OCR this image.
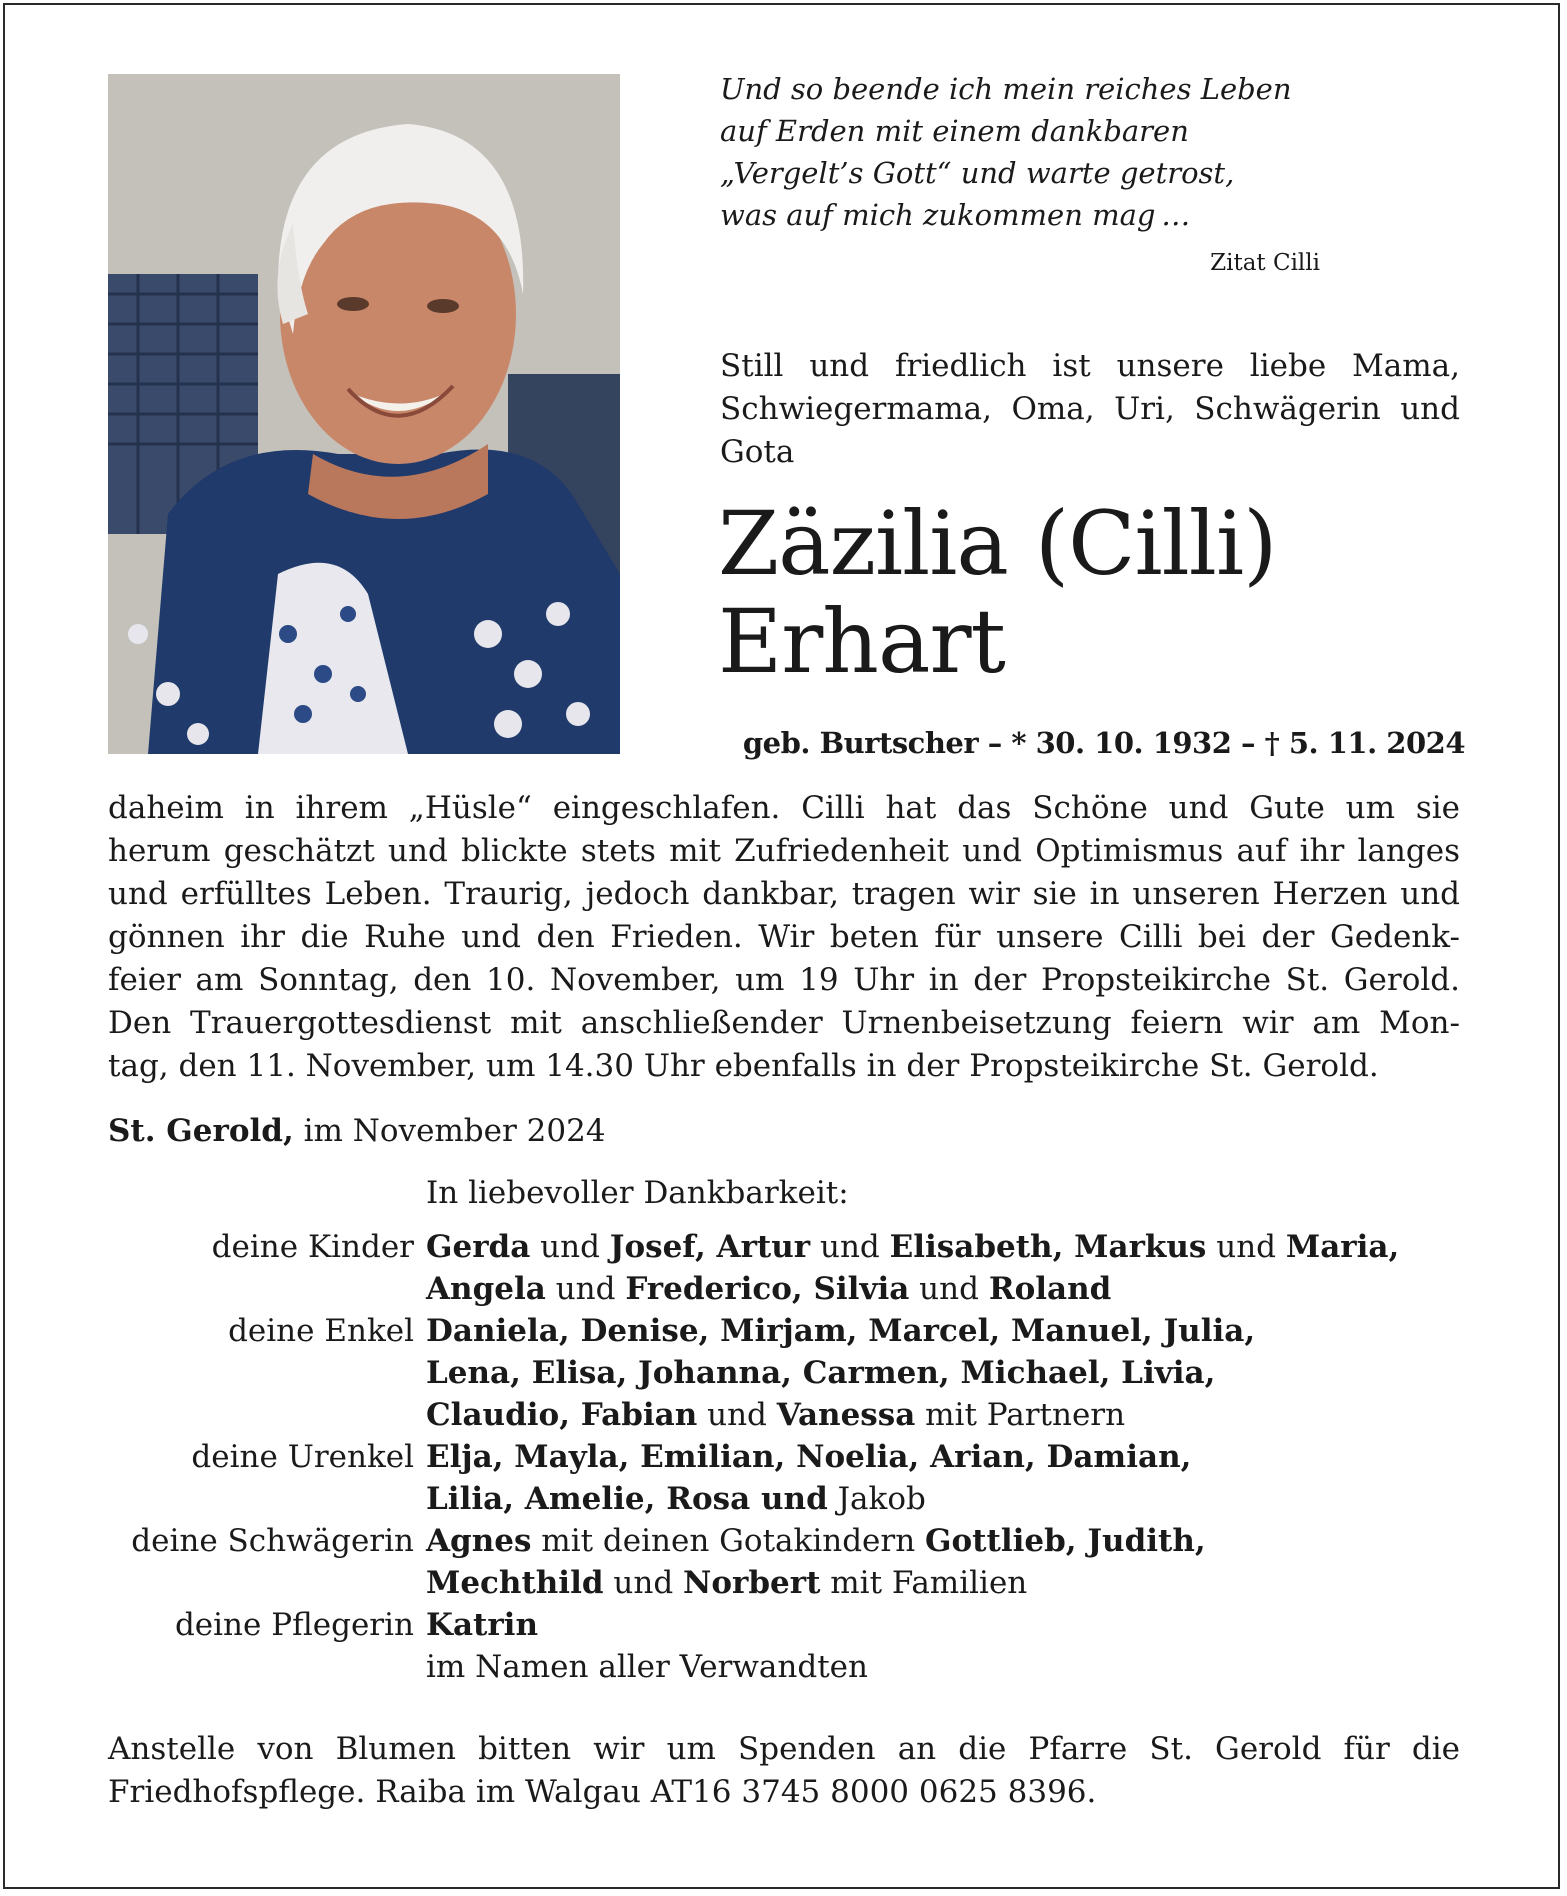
Und so beende ich mein reiches Leben
auf Erden mit einem dankbaren
„Vergelt’s Gott“ und warte getrost,
was auf mich zukommen mag …
Zitat Cilli
Still und friedlich ist unsere liebe Mama, Schwiegermama, Oma, Uri, Schwägerin und Gota
Zäzilia (Cilli)
Erhart
geb. Burtscher – * 30. 10. 1932 – † 5. 11. 2024
daheim in ihrem „Hüsle“ eingeschlafen. Cilli hat das Schöne und Gute um sie
herum geschätzt und blickte stets mit Zufriedenheit und Optimismus auf ihr langes
und erfülltes Leben. Traurig, jedoch dankbar, tragen wir sie in unseren Herzen und
gönnen ihr die Ruhe und den Frieden. Wir beten für unsere Cilli bei der Gedenk-
feier am Sonntag, den 10. November, um 19 Uhr in der Propsteikirche St. Gerold.
Den Trauergottesdienst mit anschließender Urnenbeisetzung feiern wir am Mon-
tag, den 11. November, um 14.30 Uhr ebenfalls in der Propsteikirche St. Gerold.
St. Gerold, im November 2024
In liebevoller Dankbarkeit:
deine Kinder Gerda und Josef, Artur und Elisabeth, Markus und Maria,
Angela und Frederico, Silvia und Roland
deine Enkel Daniela, Denise, Mirjam, Marcel, Manuel, Julia,
Lena, Elisa, Johanna, Carmen, Michael, Livia,
Claudio, Fabian und Vanessa mit Partnern
deine Urenkel Elja, Mayla, Emilian, Noelia, Arian, Damian,
Lilia, Amelie, Rosa und Jakob
deine Schwägerin Agnes mit deinen Gotakindern Gottlieb, Judith,
Mechthild und Norbert mit Familien
deine Pflegerin Katrin
im Namen aller Verwandten
Anstelle von Blumen bitten wir um Spenden an die Pfarre St. Gerold für die
Friedhofspflege. Raiba im Walgau AT16 3745 8000 0625 8396.
